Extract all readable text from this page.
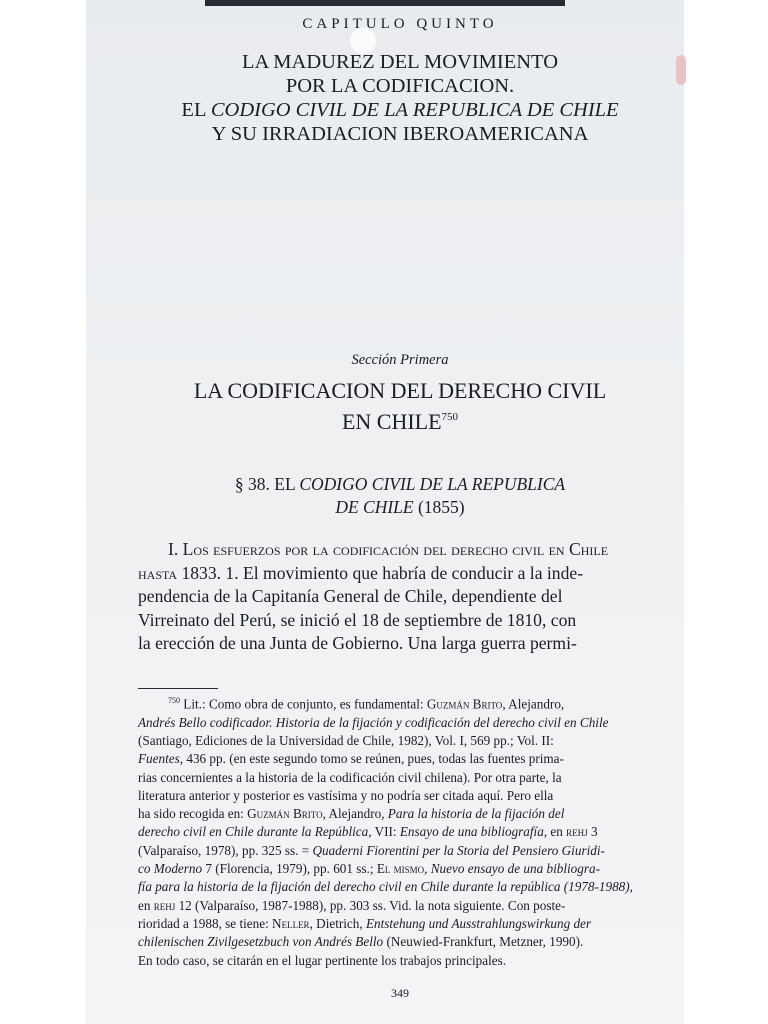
CAPITULO QUINTO
LA MADUREZ DEL MOVIMIENTO
POR LA CODIFICACION.
EL CODIGO CIVIL DE LA REPUBLICA DE CHILE
Y SU IRRADIACION IBEROAMERICANA
Sección Primera
LA CODIFICACION DEL DERECHO CIVIL
EN CHILE$^{750}$
§ 38. EL CODIGO CIVIL DE LA REPUBLICA
DE CHILE (1855)
I. Los esfuerzos por la codificación del derecho civil en Chile
hasta 1833. 1. El movimiento que habría de conducir a la inde-
pendencia de la Capitanía General de Chile, dependiente del
Virreinato del Perú, se inició el 18 de septiembre de 1810, con
la erección de una Junta de Gobierno. Una larga guerra permi-
$^{750}$ Lit.: Como obra de conjunto, es fundamental: Guzmán Brito, Alejandro,
Andrés Bello codificador. Historia de la fijación y codificación del derecho civil en Chile
(Santiago, Ediciones de la Universidad de Chile, 1982), Vol. I, 569 pp.; Vol. II:
Fuentes, 436 pp. (en este segundo tomo se reúnen, pues, todas las fuentes prima-
rias concernientes a la historia de la codificación civil chilena). Por otra parte, la
literatura anterior y posterior es vastísima y no podría ser citada aquí. Pero ella
ha sido recogida en: Guzmán Brito, Alejandro, Para la historia de la fijación del
derecho civil en Chile durante la República, VII: Ensayo de una bibliografía, en rehj 3
(Valparaíso, 1978), pp. 325 ss. = Quaderni Fiorentini per la Storia del Pensiero Giuridi-
co Moderno 7 (Florencia, 1979), pp. 601 ss.; El mismo, Nuevo ensayo de una bibliogra-
fía para la historia de la fijación del derecho civil en Chile durante la república (1978-1988),
en rehj 12 (Valparaíso, 1987-1988), pp. 303 ss. Vid. la nota siguiente. Con poste-
rioridad a 1988, se tiene: Neller, Dietrich, Entstehung und Ausstrahlungswirkung der
chilenischen Zivilgesetzbuch von Andrés Bello (Neuwied-Frankfurt, Metzner, 1990).
En todo caso, se citarán en el lugar pertinente los trabajos principales.
349
